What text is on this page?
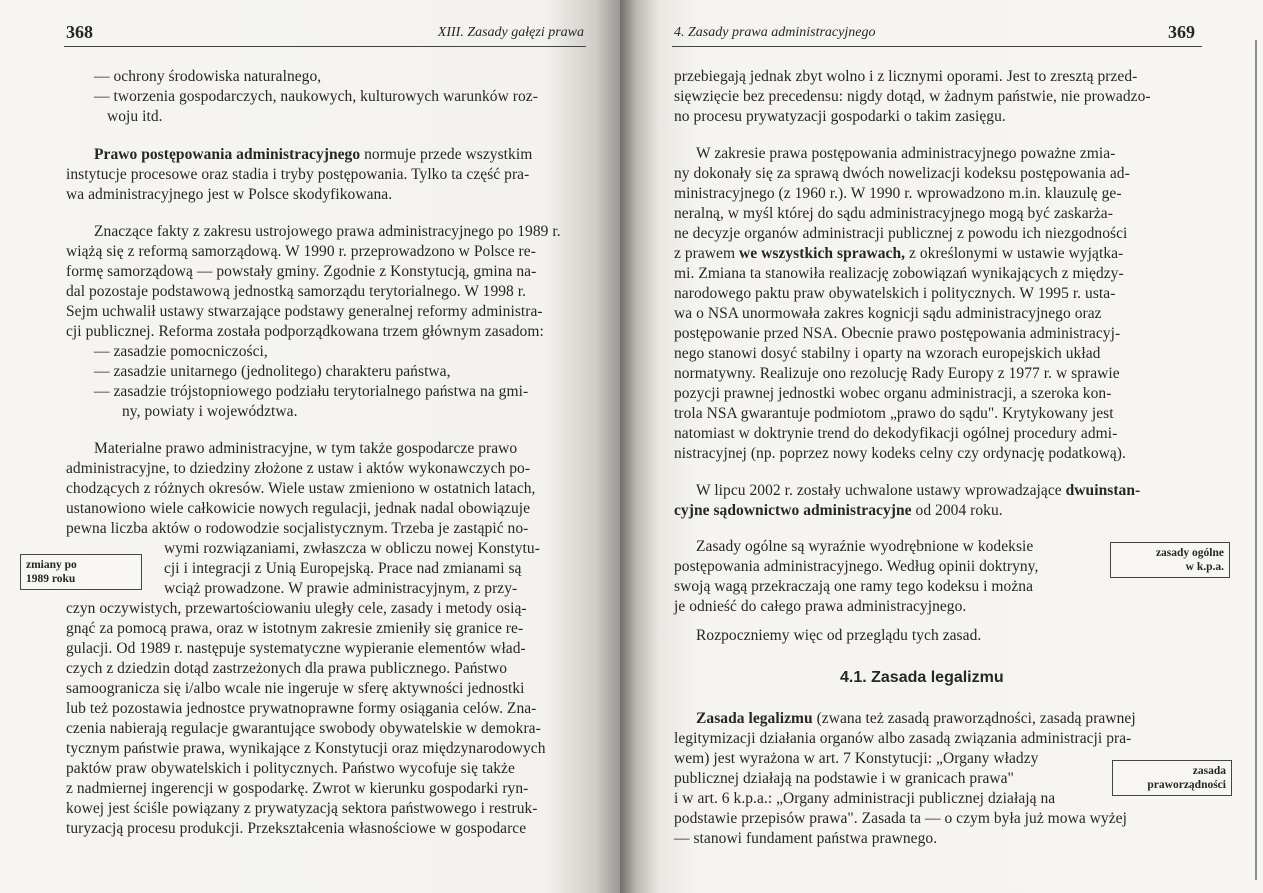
368	XIII. Zasady gałęzi prawa
— ochrony środowiska naturalnego,
— tworzenia gospodarczych, naukowych, kulturowych warunków roz-
woju itd.
Prawo postępowania administracyjnego normuje przede wszystkim
instytucje procesowe oraz stadia i tryby postępowania. Tylko ta część pra-
wa administracyjnego jest w Polsce skodyfikowana.
Znaczące fakty z zakresu ustrojowego prawa administracyjnego po 1989 r.
wiążą się z reformą samorządową. W 1990 r. przeprowadzono w Polsce re-
formę samorządową — powstały gminy. Zgodnie z Konstytucją, gmina na-
dal pozostaje podstawową jednostką samorządu terytorialnego. W 1998 r.
Sejm uchwalił ustawy stwarzające podstawy generalnej reformy administra-
cji publicznej. Reforma została podporządkowana trzem głównym zasadom:
— zasadzie pomocniczości,
— zasadzie unitarnego (jednolitego) charakteru państwa,
— zasadzie trójstopniowego podziału terytorialnego państwa na gmi-
ny, powiaty i województwa.
Materialne prawo administracyjne, w tym także gospodarcze prawo
administracyjne, to dziedziny złożone z ustaw i aktów wykonawczych po-
chodzących z różnych okresów. Wiele ustaw zmieniono w ostatnich latach,
ustanowiono wiele całkowicie nowych regulacji, jednak nadal obowiązuje
pewna liczba aktów o rodowodzie socjalistycznym. Trzeba je zastąpić no-
wymi rozwiązaniami, zwłaszcza w obliczu nowej Konstytu-
cji i integracji z Unią Europejską. Prace nad zmianami są
wciąż prowadzone. W prawie administracyjnym, z przy-
zmiany po
1989 roku
czyn oczywistych, przewartościowaniu uległy cele, zasady i metody osią-
gnąć za pomocą prawa, oraz w istotnym zakresie zmieniły się granice re-
gulacji. Od 1989 r. następuje systematyczne wypieranie elementów wład-
czych z dziedzin dotąd zastrzeżonych dla prawa publicznego. Państwo
samoogranicza się i/albo wcale nie ingeruje w sferę aktywności jednostki
lub też pozostawia jednostce prywatnoprawne formy osiągania celów. Zna-
czenia nabierają regulacje gwarantujące swobody obywatelskie w demokra-
tycznym państwie prawa, wynikające z Konstytucji oraz międzynarodowych
paktów praw obywatelskich i politycznych. Państwo wycofuje się także
z nadmiernej ingerencji w gospodarkę. Zwrot w kierunku gospodarki ryn-
kowej jest ściśle powiązany z prywatyzacją sektora państwowego i restruk-
turyzacją procesu produkcji. Przekształcenia własnościowe w gospodarce
4. Zasady prawa administracyjnego	369
przebiegają jednak zbyt wolno i z licznymi oporami. Jest to zresztą przed-
sięwzięcie bez precedensu: nigdy dotąd, w żadnym państwie, nie prowadzo-
no procesu prywatyzacji gospodarki o takim zasięgu.
W zakresie prawa postępowania administracyjnego poważne zmia-
ny dokonały się za sprawą dwóch nowelizacji kodeksu postępowania ad-
ministracyjnego (z 1960 r.). W 1990 r. wprowadzono m.in. klauzulę ge-
neralną, w myśl której do sądu administracyjnego mogą być zaskarża-
ne decyzje organów administracji publicznej z powodu ich niezgodności
z prawem we wszystkich sprawach, z określonymi w ustawie wyjątka-
mi. Zmiana ta stanowiła realizację zobowiązań wynikających z między-
narodowego paktu praw obywatelskich i politycznych. W 1995 r. usta-
wa o NSA unormowała zakres kognicji sądu administracyjnego oraz
postępowanie przed NSA. Obecnie prawo postępowania administracyj-
nego stanowi dosyć stabilny i oparty na wzorach europejskich układ
normatywny. Realizuje ono rezolucję Rady Europy z 1977 r. w sprawie
pozycji prawnej jednostki wobec organu administracji, a szeroka kon-
trola NSA gwarantuje podmiotom „prawo do sądu". Krytykowany jest
natomiast w doktrynie trend do dekodyfikacji ogólnej procedury admi-
nistracyjnej (np. poprzez nowy kodeks celny czy ordynację podatkową).
W lipcu 2002 r. zostały uchwalone ustawy wprowadzające dwuinstan-
cyjne sądownictwo administracyjne od 2004 roku.
Zasady ogólne są wyraźnie wyodrębnione w kodeksie
postępowania administracyjnego. Według opinii doktryny,
swoją wagą przekraczają one ramy tego kodeksu i można
je odnieść do całego prawa administracyjnego.
zasady ogólne
w k.p.a.
Rozpoczniemy więc od przeglądu tych zasad.
4.1. Zasada legalizmu
Zasada legalizmu (zwana też zasadą praworządności, zasadą prawnej
legitymizacji działania organów albo zasadą związania administracji pra-
wem) jest wyrażona w art. 7 Konstytucji: „Organy władzy
publicznej działają na podstawie i w granicach prawa"
i w art. 6 k.p.a.: „Organy administracji publicznej działają na
podstawie przepisów prawa". Zasada ta — o czym była już mowa wyżej
— stanowi fundament państwa prawnego.
zasada
praworządności
